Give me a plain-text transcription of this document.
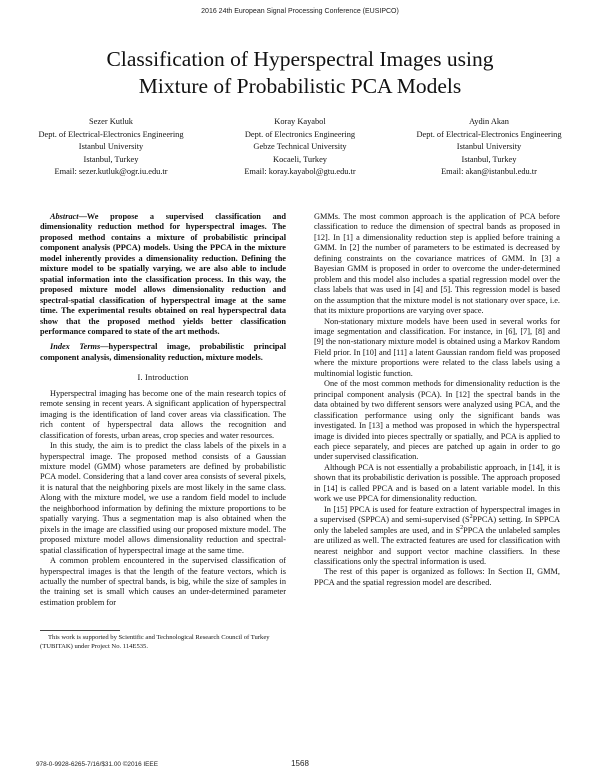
2016 24th European Signal Processing Conference (EUSIPCO)
Classification of Hyperspectral Images using
Mixture of Probabilistic PCA Models
Sezer Kutluk
Dept. of Electrical-Electronics Engineering
Istanbul University
Istanbul, Turkey
Email: sezer.kutluk@ogr.iu.edu.tr
Koray Kayabol
Dept. of Electronics Engineering
Gebze Technical University
Kocaeli, Turkey
Email: koray.kayabol@gtu.edu.tr
Aydin Akan
Dept. of Electrical-Electronics Engineering
Istanbul University
Istanbul, Turkey
Email: akan@istanbul.edu.tr

Abstract—We propose a supervised classification and dimensionality reduction method for hyperspectral images. The proposed method contains a mixture of probabilistic principal component analysis (PPCA) models. Using the PPCA in the mixture model inherently provides a dimensionality reduction. Defining the mixture model to be spatially varying, we are also able to include spatial information into the classification process. In this way, the proposed mixture model allows dimensionality reduction and spectral-spatial classification of hyperspectral image at the same time. The experimental results obtained on real hyperspectral data show that the proposed method yields better classification performance compared to state of the art methods.

Index Terms—hyperspectral image, probabilistic principal component analysis, dimensionality reduction, mixture models.

I. Introduction

Hyperspectral imaging has become one of the main research topics of remote sensing in recent years. A significant application of hyperspectral imaging is the identification of land cover areas via classification. The rich content of hyperspectral data allows the recognition and classification of forests, urban areas, crop species and water resources.

In this study, the aim is to predict the class labels of the pixels in a hyperspectral image. The proposed method consists of a Gaussian mixture model (GMM) whose parameters are defined by probabilistic PCA model. Considering that a land cover area consists of several pixels, it is natural that the neighboring pixels are most likely in the same class. Along with the mixture model, we use a random field model to include the neighborhood information by defining the mixture proportions to be spatially varying. Thus a segmentation map is also obtained when the pixels in the image are classified using our proposed mixture model. The proposed mixture model allows dimensionality reduction and spectral-spatial classification of hyperspectral image at the same time.

A common problem encountered in the supervised classification of hyperspectral images is that the length of the feature vectors, which is actually the number of spectral bands, is big, while the size of samples in the training set is small which causes an under-determined parameter estimation problem for

This work is supported by Scientific and Technological Research Council of Turkey (TUBITAK) under Project No. 114E535.

GMMs. The most common approach is the application of PCA before classification to reduce the dimension of spectral bands as proposed in [12]. In [1] a dimensionality reduction step is applied before training a GMM. In [2] the number of parameters to be estimated is decreased by defining constraints on the covariance matrices of GMM. In [3] a Bayesian GMM is proposed in order to overcome the under-determined problem and this model also includes a spatial regression model over the class labels that was used in [4] and [5]. This regression model is based on the assumption that the mixture model is not stationary over space, i.e. that its mixture proportions are varying over space.

Non-stationary mixture models have been used in several works for image segmentation and classification. For instance, in [6], [7], [8] and [9] the non-stationary mixture model is obtained using a Markov Random Field prior. In [10] and [11] a latent Gaussian random field was proposed where the mixture proportions were related to the class labels using a multinomial logistic function.

One of the most common methods for dimensionality reduction is the principal component analysis (PCA). In [12] the spectral bands in the data obtained by two different sensors were analyzed using PCA, and the classification performance using only the significant bands was investigated. In [13] a method was proposed in which the hyperspectral image is divided into pieces spectrally or spatially, and PCA is applied to each piece separately, and pieces are patched up again in order to go under supervised classification.

Although PCA is not essentially a probabilistic approach, in [14], it is shown that its probabilistic derivation is possible. The approach proposed in [14] is called PPCA and is based on a latent variable model. In this work we use PPCA for dimensionality reduction.

In [15] PPCA is used for feature extraction of hyperspectral images in a supervised (SPPCA) and semi-supervised $(S^2PPCA)$ setting. In SPPCA only the labeled samples are used, and in $S^2PPCA$ the unlabeled samples are utilized as well. The extracted features are used for classification with nearest neighbor and support vector machine classifiers. In these classifications only the spectral information is used.

The rest of this paper is organized as follows: In Section II, GMM, PPCA and the spatial regression model are described.

978-0-9928-6265-7/16/$31.00 ©2016 IEEE	1568
